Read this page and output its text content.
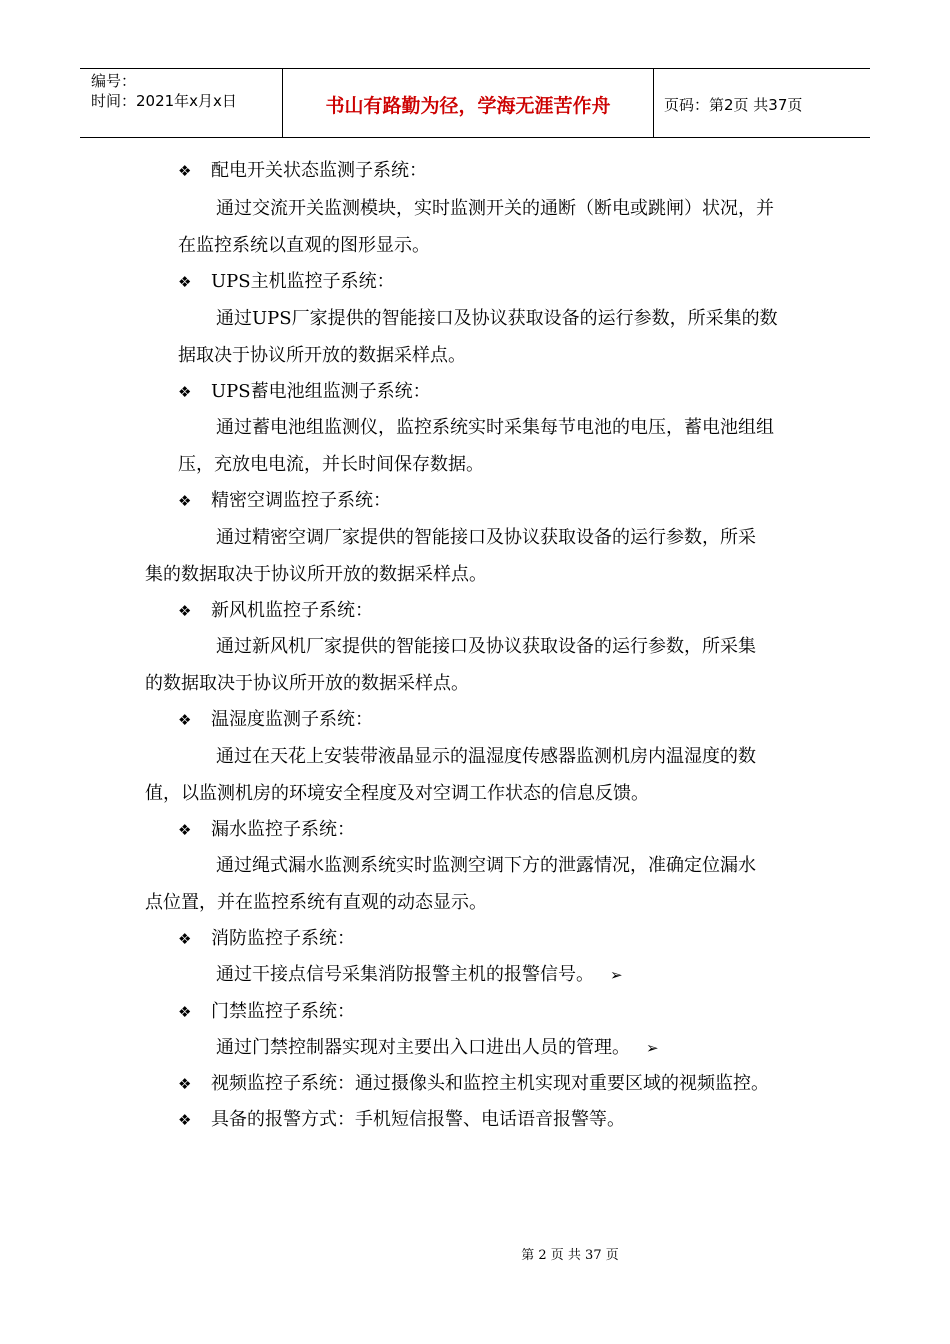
编号：
时间：2021年x月x日	书山有路勤为径，学海无涯苦作舟	页码：第2页 共37页
❖ 配电开关状态监测子系统：
通过交流开关监测模块，实时监测开关的通断（断电或跳闸）状况，并
在监控系统以直观的图形显示。
❖ UPS主机监控子系统：
通过UPS厂家提供的智能接口及协议获取设备的运行参数，所采集的数
据取决于协议所开放的数据采样点。
❖ UPS蓄电池组监测子系统：
通过蓄电池组监测仪，监控系统实时采集每节电池的电压，蓄电池组组
压，充放电电流，并长时间保存数据。
❖ 精密空调监控子系统：
通过精密空调厂家提供的智能接口及协议获取设备的运行参数，所采
集的数据取决于协议所开放的数据采样点。
❖ 新风机监控子系统：
通过新风机厂家提供的智能接口及协议获取设备的运行参数，所采集
的数据取决于协议所开放的数据采样点。
❖ 温湿度监测子系统：
通过在天花上安装带液晶显示的温湿度传感器监测机房内温湿度的数
值，以监测机房的环境安全程度及对空调工作状态的信息反馈。
❖ 漏水监控子系统：
通过绳式漏水监测系统实时监测空调下方的泄露情况，准确定位漏水
点位置，并在监控系统有直观的动态显示。
❖ 消防监控子系统：
通过干接点信号采集消防报警主机的报警信号。 ➢
❖ 门禁监控子系统：
通过门禁控制器实现对主要出入口进出人员的管理。 ➢
❖ 视频监控子系统：通过摄像头和监控主机实现对重要区域的视频监控。
❖ 具备的报警方式：手机短信报警、电话语音报警等。
第 2 页 共 37 页
